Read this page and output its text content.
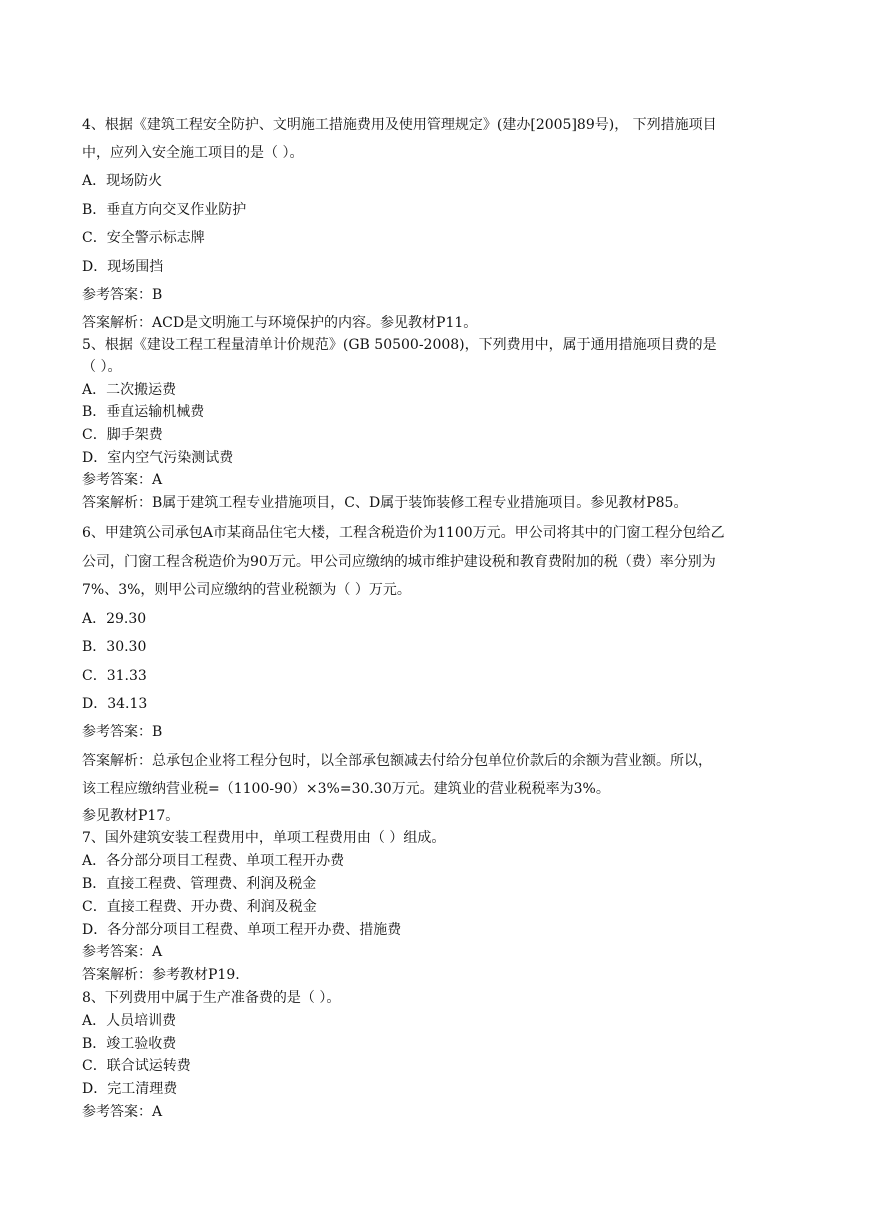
4、根据《建筑工程安全防护、文明施工措施费用及使用管理规定》(建办[2005]89号)， 下列措施项目
中，应列入安全施工项目的是（ ）。
A．现场防火
B．垂直方向交叉作业防护
C．安全警示标志牌
D．现场围挡
参考答案：B
答案解析：ACD是文明施工与环境保护的内容。参见教材P11。
5、根据《建设工程工程量清单计价规范》(GB 50500-2008)，下列费用中，属于通用措施项目费的是
（ ）。
A．二次搬运费
B．垂直运输机械费
C．脚手架费
D．室内空气污染测试费
参考答案：A
答案解析：B属于建筑工程专业措施项目，C、D属于装饰装修工程专业措施项目。参见教材P85。
6、甲建筑公司承包A市某商品住宅大楼，工程含税造价为1100万元。甲公司将其中的门窗工程分包给乙
公司，门窗工程含税造价为90万元。甲公司应缴纳的城市维护建设税和教育费附加的税（费）率分别为
7%、3%，则甲公司应缴纳的营业税额为（ ）万元。
A．29.30
B．30.30
C．31.33
D．34.13
参考答案：B
答案解析：总承包企业将工程分包时，以全部承包额减去付给分包单位价款后的余额为营业额。所以，
该工程应缴纳营业税=（1100-90）×3%=30.30万元。建筑业的营业税税率为3%。
参见教材P17。
7、国外建筑安装工程费用中，单项工程费用由（ ）组成。
A．各分部分项目工程费、单项工程开办费
B．直接工程费、管理费、利润及税金
C．直接工程费、开办费、利润及税金
D．各分部分项目工程费、单项工程开办费、措施费
参考答案：A
答案解析：参考教材P19.
8、下列费用中属于生产准备费的是（ ）。
A．人员培训费
B．竣工验收费
C．联合试运转费
D．完工清理费
参考答案：A
